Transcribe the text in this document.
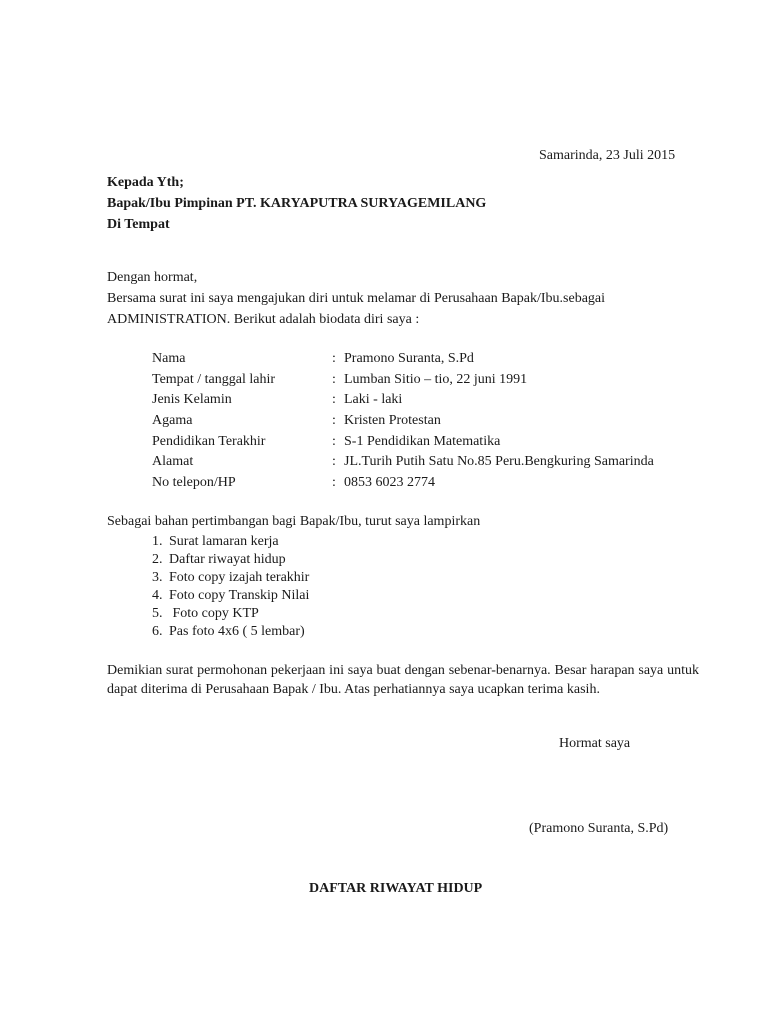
Samarinda, 23 Juli 2015
Kepada Yth;
Bapak/Ibu Pimpinan PT. KARYAPUTRA SURYAGEMILANG
Di Tempat
Dengan hormat,
Bersama surat ini saya mengajukan diri untuk melamar di Perusahaan Bapak/Ibu.sebagai
ADMINISTRATION. Berikut adalah biodata diri saya :
Nama	: Pramono Suranta, S.Pd
Tempat / tanggal lahir	: Lumban Sitio – tio, 22 juni 1991
Jenis Kelamin	: Laki - laki
Agama	: Kristen Protestan
Pendidikan Terakhir	: S-1 Pendidikan Matematika
Alamat	: JL.Turih Putih Satu No.85 Peru.Bengkuring Samarinda
No telepon/HP	: 0853 6023 2774
Sebagai bahan pertimbangan bagi Bapak/Ibu, turut saya lampirkan
1. Surat lamaran kerja
2. Daftar riwayat hidup
3. Foto copy izajah terakhir
4. Foto copy Transkip Nilai
5. Foto copy KTP
6. Pas foto 4x6 ( 5 lembar)
Demikian surat permohonan pekerjaan ini saya buat dengan sebenar-benarnya. Besar harapan saya untuk dapat diterima di Perusahaan Bapak / Ibu. Atas perhatiannya saya ucapkan terima kasih.
Hormat saya
(Pramono Suranta, S.Pd)
DAFTAR RIWAYAT HIDUP
